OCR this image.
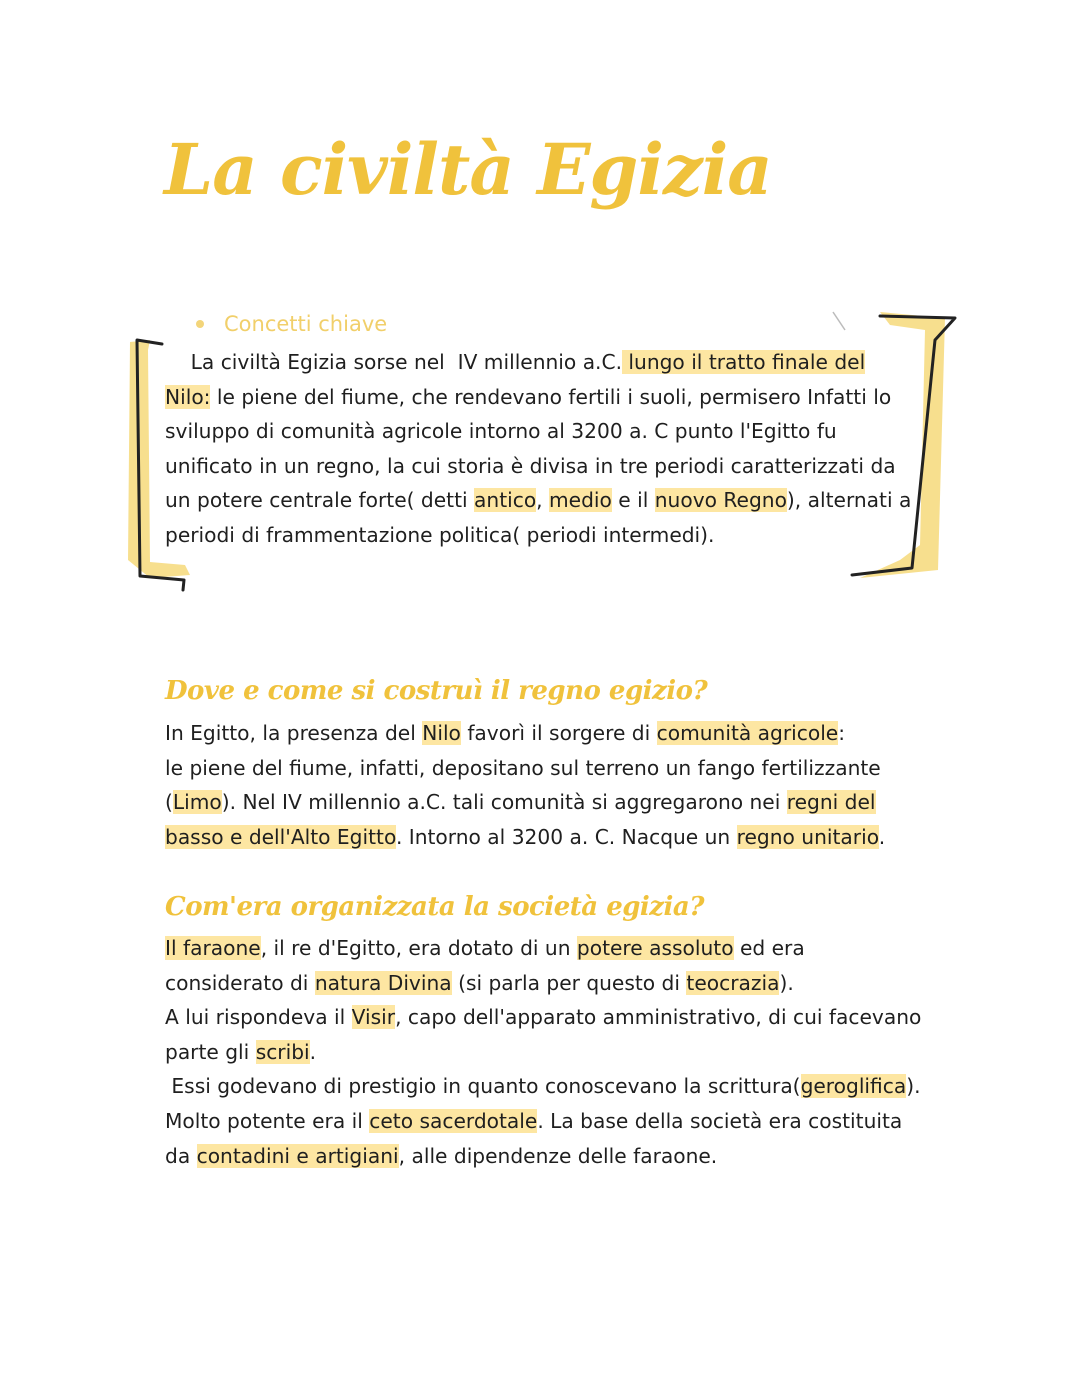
La civiltà Egizia
Concetti chiave

La civiltà Egizia sorse nel  IV millennio a.C. lungo il tratto finale del
Nilo: le piene del fiume, che rendevano fertili i suoli, permisero Infatti lo
sviluppo di comunità agricole intorno al 3200 a. C punto l'Egitto fu
unificato in un regno, la cui storia è divisa in tre periodi caratterizzati da
un potere centrale forte( detti antico, medio e il nuovo Regno), alternati a
periodi di frammentazione politica( periodi intermedi).

Dove e come si costruì il regno egizio?

In Egitto, la presenza del Nilo favorì il sorgere di comunità agricole:
le piene del fiume, infatti, depositano sul terreno un fango fertilizzante
(Limo). Nel IV millennio a.C. tali comunità si aggregarono nei regni del
basso e dell'Alto Egitto. Intorno al 3200 a. C. Nacque un regno unitario.

Com'era organizzata la società egizia?

Il faraone, il re d'Egitto, era dotato di un potere assoluto ed era
considerato di natura Divina (si parla per questo di teocrazia).
A lui rispondeva il Visir, capo dell'apparato amministrativo, di cui facevano
parte gli scribi.
Essi godevano di prestigio in quanto conoscevano la scrittura(geroglifica).
Molto potente era il ceto sacerdotale. La base della società era costituita
da contadini e artigiani, alle dipendenze delle faraone.
